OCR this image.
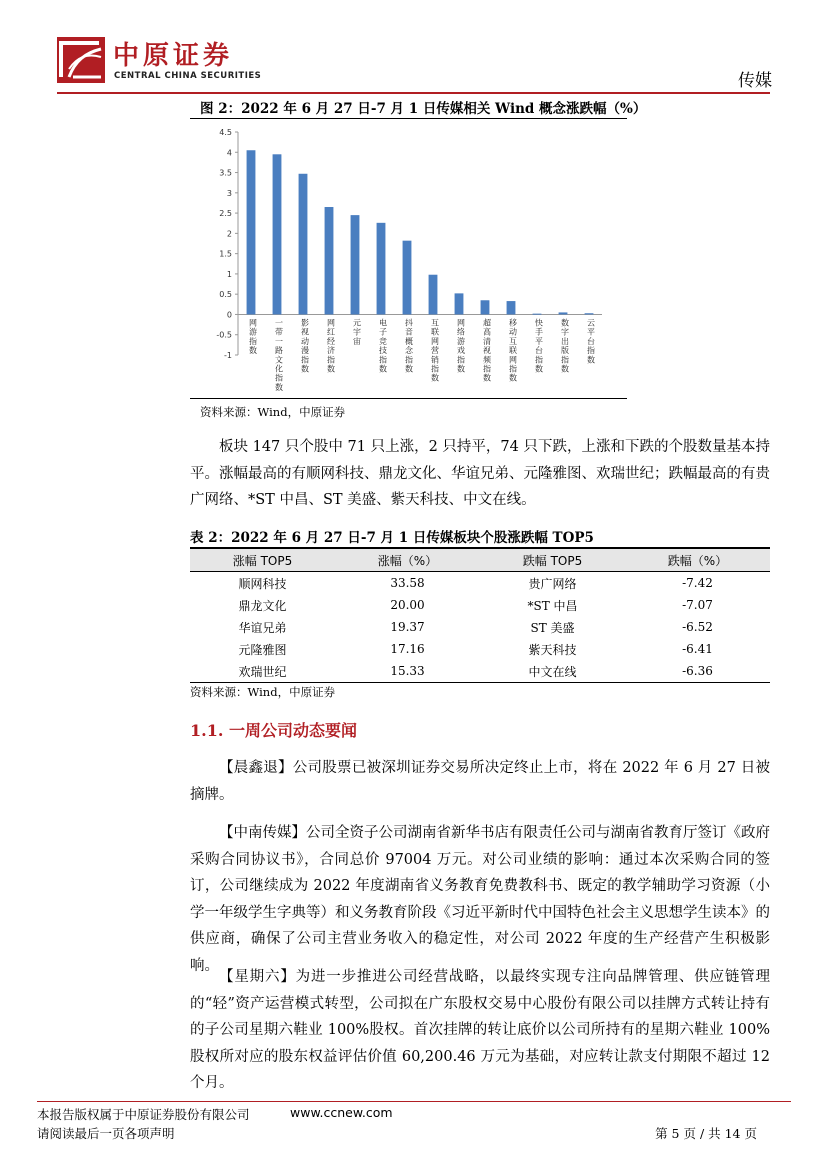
中原证券
CENTRAL CHINA SECURITIES	传媒
图 2：2022 年 6 月 27 日-7 月 1 日传媒相关 Wind 概念涨跌幅（%）
4.5
4
3.5
3
2.5
2
1.5
1
0.5
0
-0.5
-1
网游指数
一带一路文化指数
影视动漫指数
网红经济指数
元宇宙
电子竞技指数
抖音概念指数
互联网营销指数
网络游戏指数
超高清视频指数
移动互联网指数
快手平台指数
数字出版指数
云平台指数
资料来源：Wind，中原证券

板块 147 只个股中 71 只上涨，2 只持平，74 只下跌，上涨和下跌的个股数量基本持平。涨幅最高的有顺网科技、鼎龙文化、华谊兄弟、元隆雅图、欢瑞世纪；跌幅最高的有贵广网络、*ST 中昌、ST 美盛、紫天科技、中文在线。

表 2：2022 年 6 月 27 日-7 月 1 日传媒板块个股涨跌幅 TOP5
涨幅 TOP5	涨幅（%）	跌幅 TOP5	跌幅（%）
顺网科技	33.58	贵广网络	-7.42
鼎龙文化	20.00	*ST 中昌	-7.07
华谊兄弟	19.37	ST 美盛	-6.52
元隆雅图	17.16	紫天科技	-6.41
欢瑞世纪	15.33	中文在线	-6.36
资料来源：Wind，中原证券
1.1. 一周公司动态要闻

【晨鑫退】公司股票已被深圳证券交易所决定终止上市，将在 2022 年 6 月 27 日被摘牌。

【中南传媒】公司全资子公司湖南省新华书店有限责任公司与湖南省教育厅签订《政府采购合同协议书》，合同总价 97004 万元。对公司业绩的影响：通过本次采购合同的签订，公司继续成为 2022 年度湖南省义务教育免费教科书、既定的教学辅助学习资源（小学一年级学生字典等）和义务教育阶段《习近平新时代中国特色社会主义思想学生读本》的供应商，确保了公司主营业务收入的稳定性，对公司 2022 年度的生产经营产生积极影响。

【星期六】为进一步推进公司经营战略，以最终实现专注向品牌管理、供应链管理的“轻”资产运营模式转型，公司拟在广东股权交易中心股份有限公司以挂牌方式转让持有的子公司星期六鞋业 100%股权。首次挂牌的转让底价以公司所持有的星期六鞋业 100%股权所对应的股东权益评估价值 60,200.46 万元为基础，对应转让款支付期限不超过 12 个月。

本报告版权属于中原证券股份有限公司	www.ccnew.com
请阅读最后一页各项声明	第 5 页 / 共 14 页
